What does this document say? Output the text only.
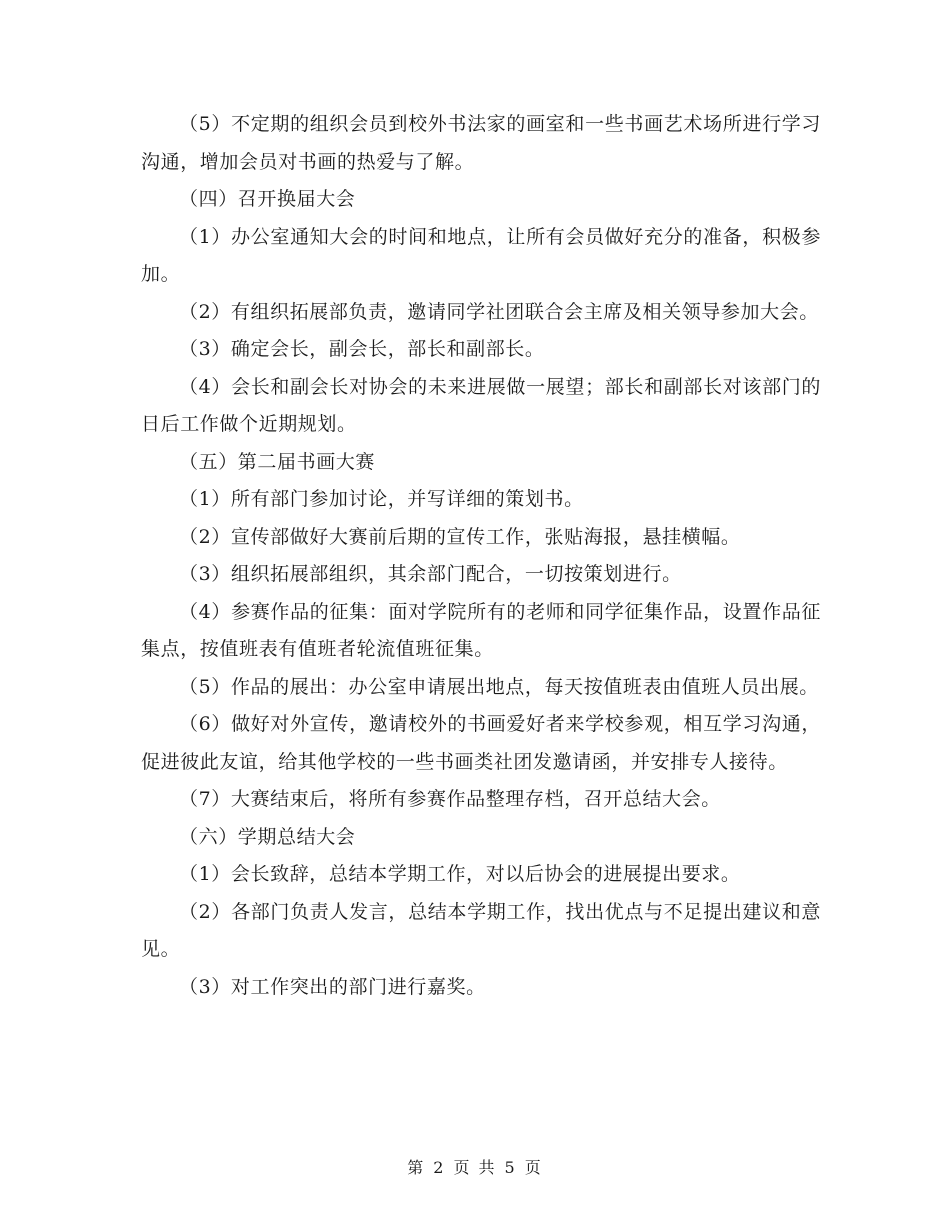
（5）不定期的组织会员到校外书法家的画室和一些书画艺术场所进行学习沟通，增加会员对书画的热爱与了解。

（四）召开换届大会

（1）办公室通知大会的时间和地点，让所有会员做好充分的准备，积极参加。

（2）有组织拓展部负责，邀请同学社团联合会主席及相关领导参加大会。

（3）确定会长，副会长，部长和副部长。

（4）会长和副会长对协会的未来进展做一展望；部长和副部长对该部门的日后工作做个近期规划。

（五）第二届书画大赛

（1）所有部门参加讨论，并写详细的策划书。

（2）宣传部做好大赛前后期的宣传工作，张贴海报，悬挂横幅。

（3）组织拓展部组织，其余部门配合，一切按策划进行。

（4）参赛作品的征集：面对学院所有的老师和同学征集作品，设置作品征集点，按值班表有值班者轮流值班征集。

（5）作品的展出：办公室申请展出地点，每天按值班表由值班人员出展。

（6）做好对外宣传，邀请校外的书画爱好者来学校参观，相互学习沟通，促进彼此友谊，给其他学校的一些书画类社团发邀请函，并安排专人接待。

（7）大赛结束后，将所有参赛作品整理存档，召开总结大会。

（六）学期总结大会

（1）会长致辞，总结本学期工作，对以后协会的进展提出要求。

（2）各部门负责人发言，总结本学期工作，找出优点与不足提出建议和意见。

（3）对工作突出的部门进行嘉奖。

第 2 页 共 5 页
